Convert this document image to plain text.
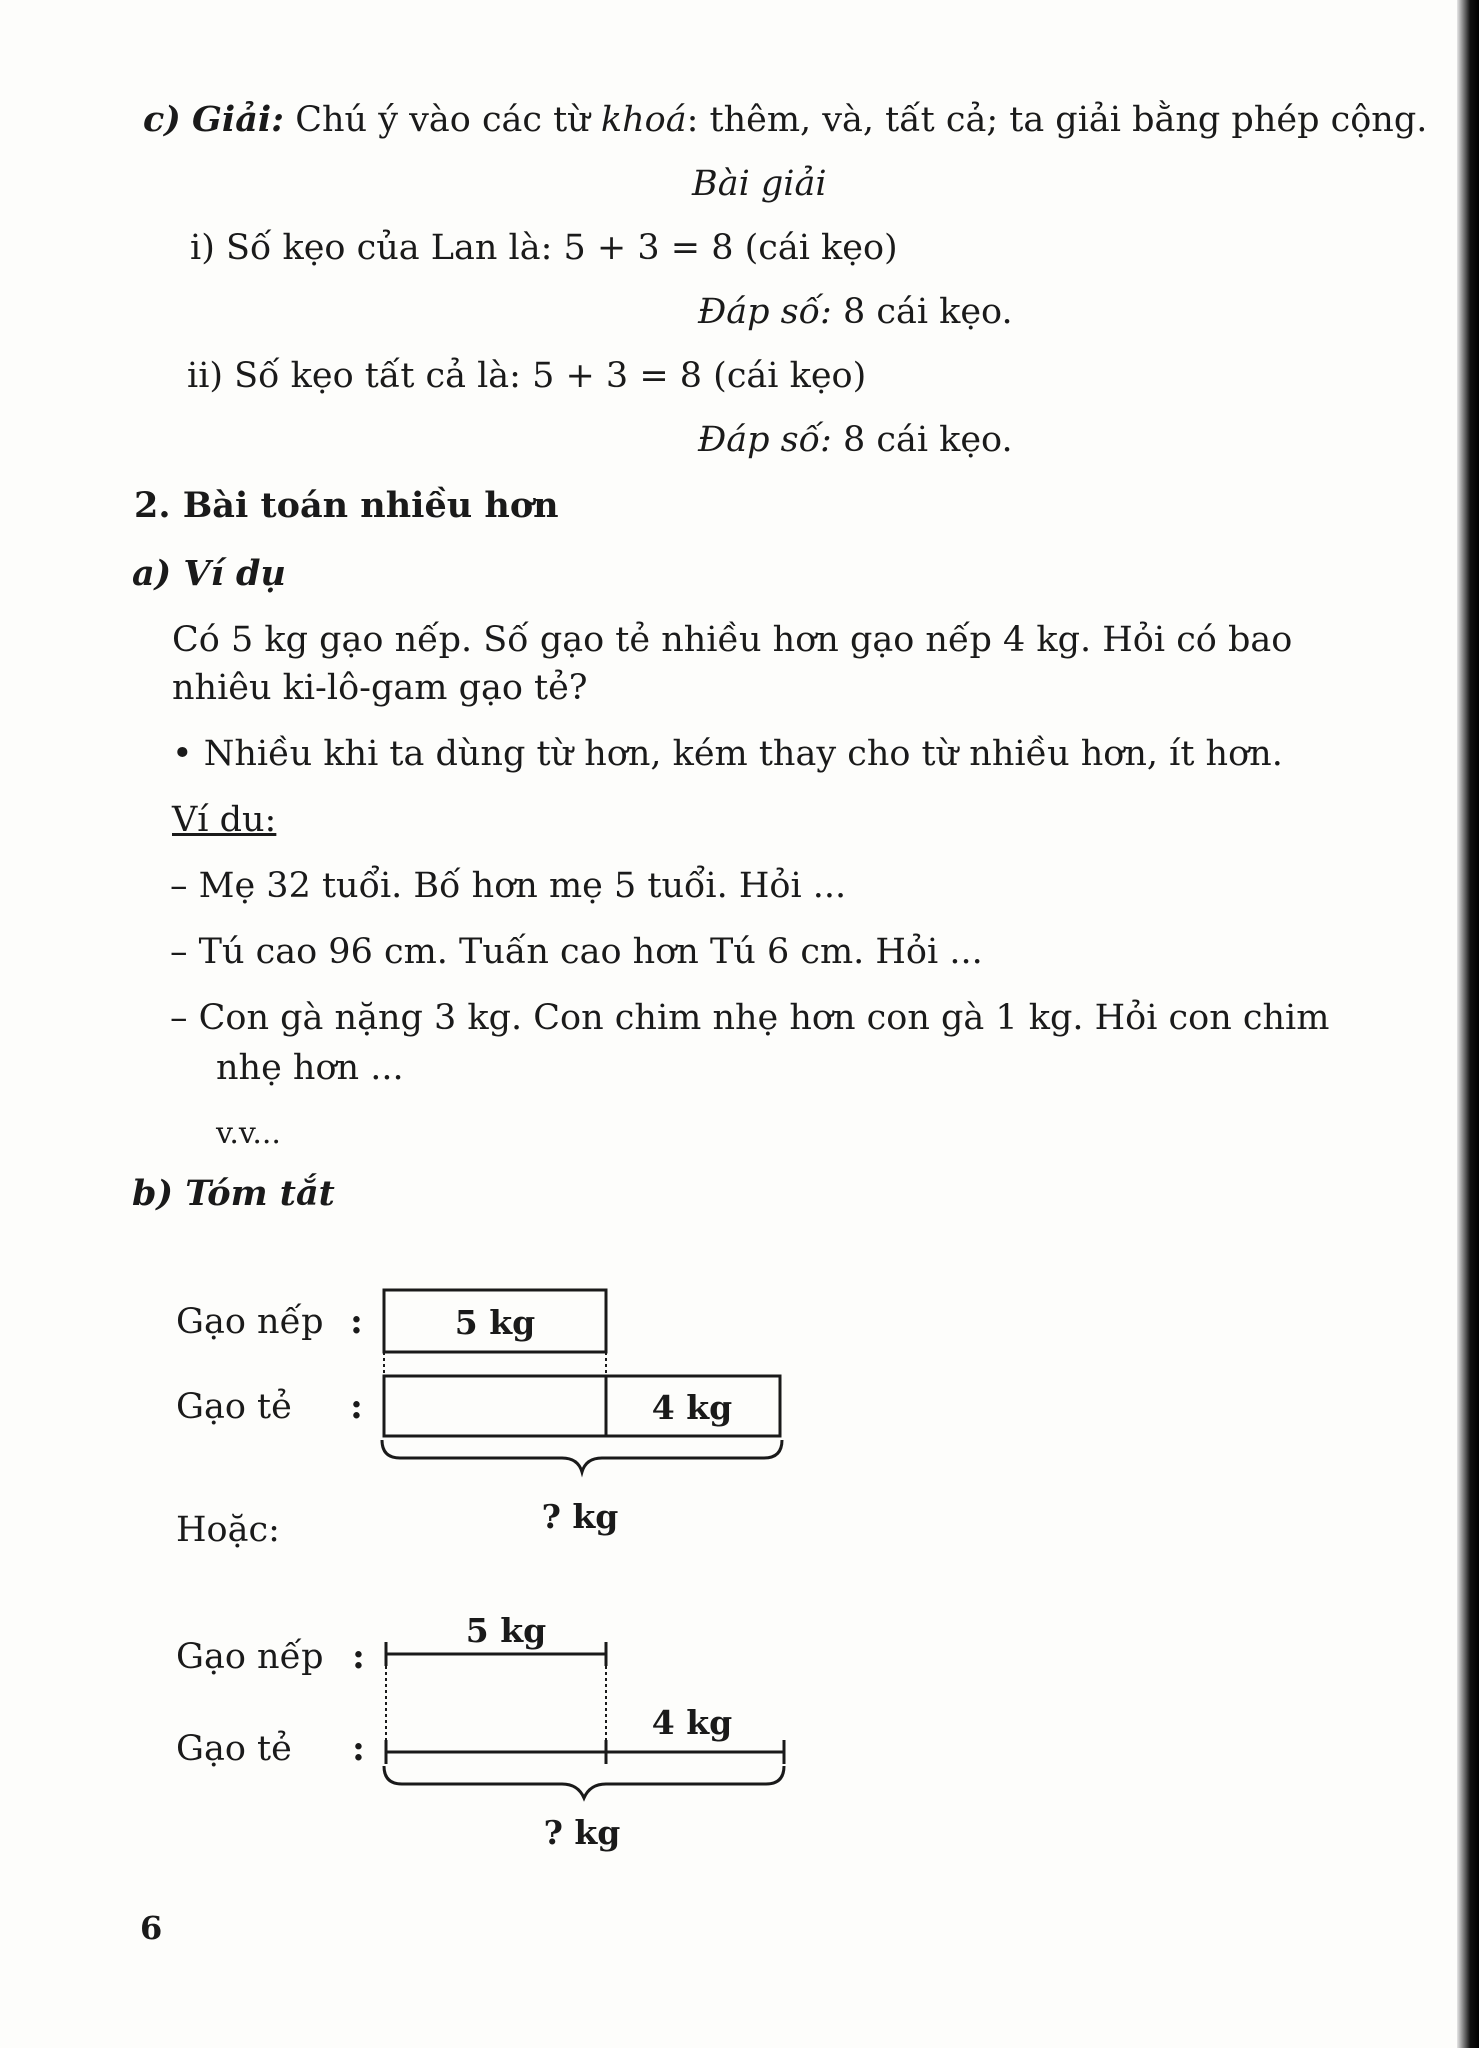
c) Giải: Chú ý vào các từ khoá: thêm, và, tất cả; ta giải bằng phép cộng.
Bài giải
i) Số kẹo của Lan là: 5 + 3 = 8 (cái kẹo)
Đáp số: 8 cái kẹo.
ii) Số kẹo tất cả là: 5 + 3 = 8 (cái kẹo)
Đáp số: 8 cái kẹo.
2. Bài toán nhiều hơn
a) Ví dụ
Có 5 kg gạo nếp. Số gạo tẻ nhiều hơn gạo nếp 4 kg. Hỏi có bao
nhiêu ki-lô-gam gạo tẻ?
• Nhiều khi ta dùng từ hơn, kém thay cho từ nhiều hơn, ít hơn.
Ví du:
– Mẹ 32 tuổi. Bố hơn mẹ 5 tuổi. Hỏi ...
– Tú cao 96 cm. Tuấn cao hơn Tú 6 cm. Hỏi ...
– Con gà nặng 3 kg. Con chim nhẹ hơn con gà 1 kg. Hỏi con chim
nhẹ hơn ...
v.v...
b) Tóm tắt
Gạo nếp :	5 kg
Gạo tẻ :	4 kg
? kg
Hoặc:
5 kg
Gạo nếp :
4 kg
Gạo tẻ :
? kg
6
